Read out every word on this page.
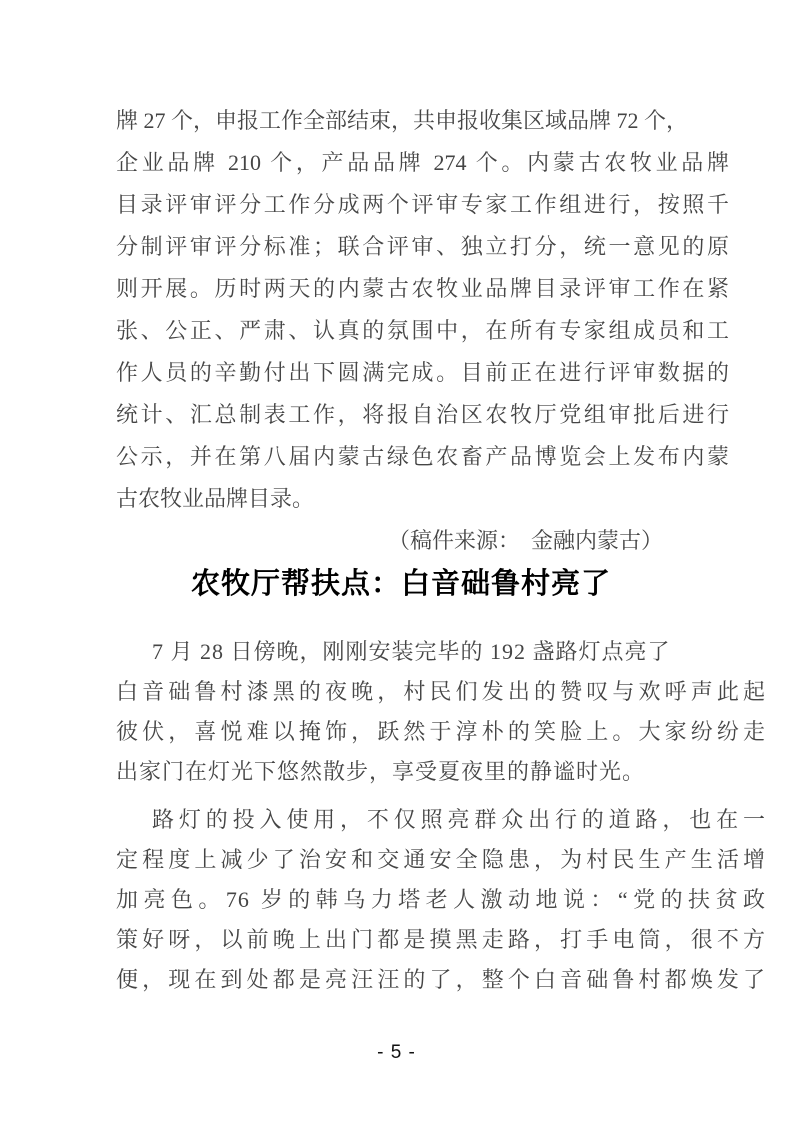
牌 27 个，申报工作全部结束，共申报收集区域品牌 72 个，
企业品牌 210 个，产品品牌 274 个。内蒙古农牧业品牌
目录评审评分工作分成两个评审专家工作组进行，按照千
分制评审评分标准；联合评审、独立打分，统一意见的原
则开展。历时两天的内蒙古农牧业品牌目录评审工作在紧
张、公正、严肃、认真的氛围中，在所有专家组成员和工
作人员的辛勤付出下圆满完成。目前正在进行评审数据的
统计、汇总制表工作，将报自治区农牧厅党组审批后进行
公示，并在第八届内蒙古绿色农畜产品博览会上发布内蒙
古农牧业品牌目录。
（稿件来源：　金融内蒙古）
农牧厅帮扶点：白音础鲁村亮了
7 月 28 日傍晚，刚刚安装完毕的 192 盏路灯点亮了
白音础鲁村漆黑的夜晚，村民们发出的赞叹与欢呼声此起
彼伏，喜悦难以掩饰，跃然于淳朴的笑脸上。大家纷纷走
出家门在灯光下悠然散步，享受夏夜里的静谧时光。
路灯的投入使用，不仅照亮群众出行的道路，也在一
定程度上减少了治安和交通安全隐患，为村民生产生活增
加亮色。76 岁的韩乌力塔老人激动地说：“党的扶贫政
策好呀，以前晚上出门都是摸黑走路，打手电筒，很不方
便，现在到处都是亮汪汪的了，整个白音础鲁村都焕发了
- 5 -
